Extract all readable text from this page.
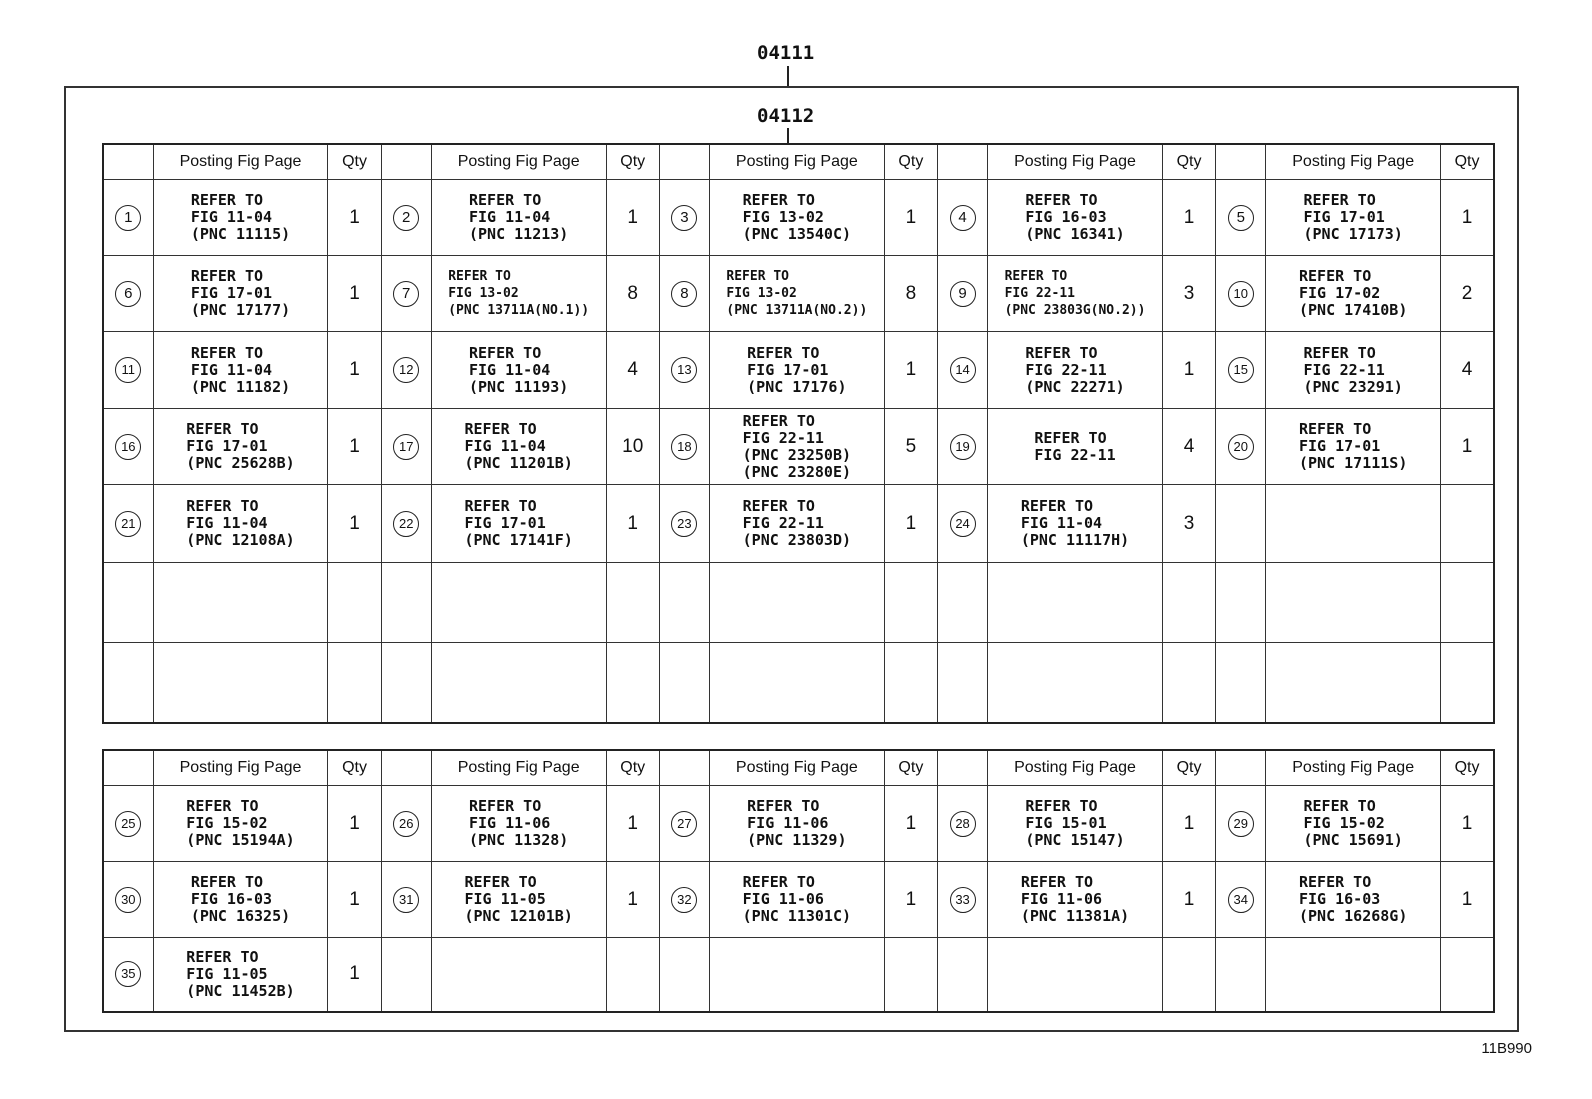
04111
04112
	Posting Fig Page	Qty		Posting Fig Page	Qty		Posting Fig Page	Qty		Posting Fig Page	Qty		Posting Fig Page	Qty
1	REFER TO
FIG 11-04
(PNC 11115)	1	2	REFER TO
FIG 11-04
(PNC 11213)	1	3	REFER TO
FIG 13-02
(PNC 13540C)	1	4	REFER TO
FIG 16-03
(PNC 16341)	1	5	REFER TO
FIG 17-01
(PNC 17173)	1
6	REFER TO
FIG 17-01
(PNC 17177)	1	7	REFER TO
FIG 13-02
(PNC 13711A(NO.1))	8	8	REFER TO
FIG 13-02
(PNC 13711A(NO.2))	8	9	REFER TO
FIG 22-11
(PNC 23803G(NO.2))	3	10	REFER TO
FIG 17-02
(PNC 17410B)	2
11	REFER TO
FIG 11-04
(PNC 11182)	1	12	REFER TO
FIG 11-04
(PNC 11193)	4	13	REFER TO
FIG 17-01
(PNC 17176)	1	14	REFER TO
FIG 22-11
(PNC 22271)	1	15	REFER TO
FIG 22-11
(PNC 23291)	4
16	REFER TO
FIG 17-01
(PNC 25628B)	1	17	REFER TO
FIG 11-04
(PNC 11201B)	10	18	REFER TO
FIG 22-11
(PNC 23250B)
(PNC 23280E)	5	19	REFER TO
FIG 22-11	4	20	REFER TO
FIG 17-01
(PNC 17111S)	1
21	REFER TO
FIG 11-04
(PNC 12108A)	1	22	REFER TO
FIG 17-01
(PNC 17141F)	1	23	REFER TO
FIG 22-11
(PNC 23803D)	1	24	REFER TO
FIG 11-04
(PNC 11117H)	3			

	Posting Fig Page	Qty		Posting Fig Page	Qty		Posting Fig Page	Qty		Posting Fig Page	Qty		Posting Fig Page	Qty
25	REFER TO
FIG 15-02
(PNC 15194A)	1	26	REFER TO
FIG 11-06
(PNC 11328)	1	27	REFER TO
FIG 11-06
(PNC 11329)	1	28	REFER TO
FIG 15-01
(PNC 15147)	1	29	REFER TO
FIG 15-02
(PNC 15691)	1
30	REFER TO
FIG 16-03
(PNC 16325)	1	31	REFER TO
FIG 11-05
(PNC 12101B)	1	32	REFER TO
FIG 11-06
(PNC 11301C)	1	33	REFER TO
FIG 11-06
(PNC 11381A)	1	34	REFER TO
FIG 16-03
(PNC 16268G)	1
35	REFER TO
FIG 11-05
(PNC 11452B)	1												
11B990
